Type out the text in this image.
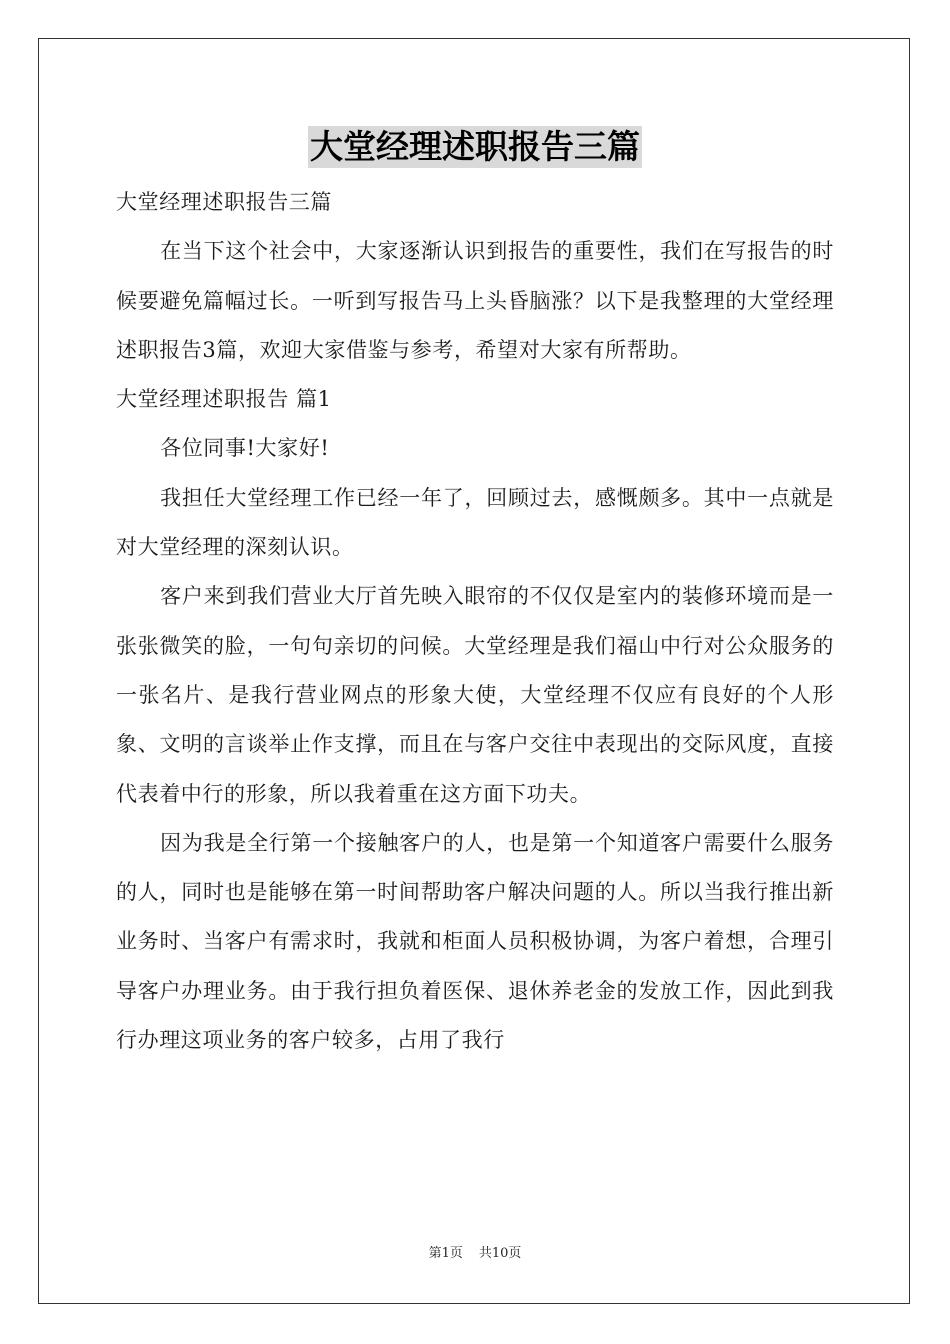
大堂经理述职报告三篇

大堂经理述职报告三篇

在当下这个社会中，大家逐渐认识到报告的重要性，我们在写报告的时候要避免篇幅过长。一听到写报告马上头昏脑涨？以下是我整理的大堂经理述职报告3篇，欢迎大家借鉴与参考，希望对大家有所帮助。

大堂经理述职报告 篇1

各位同事!大家好!

我担任大堂经理工作已经一年了，回顾过去，感慨颇多。其中一点就是对大堂经理的深刻认识。

客户来到我们营业大厅首先映入眼帘的不仅仅是室内的装修环境而是一张张微笑的脸，一句句亲切的问候。大堂经理是我们福山中行对公众服务的一张名片、是我行营业网点的形象大使，大堂经理不仅应有良好的个人形象、文明的言谈举止作支撑，而且在与客户交往中表现出的交际风度，直接代表着中行的形象，所以我着重在这方面下功夫。

因为我是全行第一个接触客户的人，也是第一个知道客户需要什么服务的人，同时也是能够在第一时间帮助客户解决问题的人。所以当我行推出新业务时、当客户有需求时，我就和柜面人员积极协调，为客户着想，合理引导客户办理业务。由于我行担负着医保、退休养老金的发放工作，因此到我行办理这项业务的客户较多，占用了我行

第1页 共10页
